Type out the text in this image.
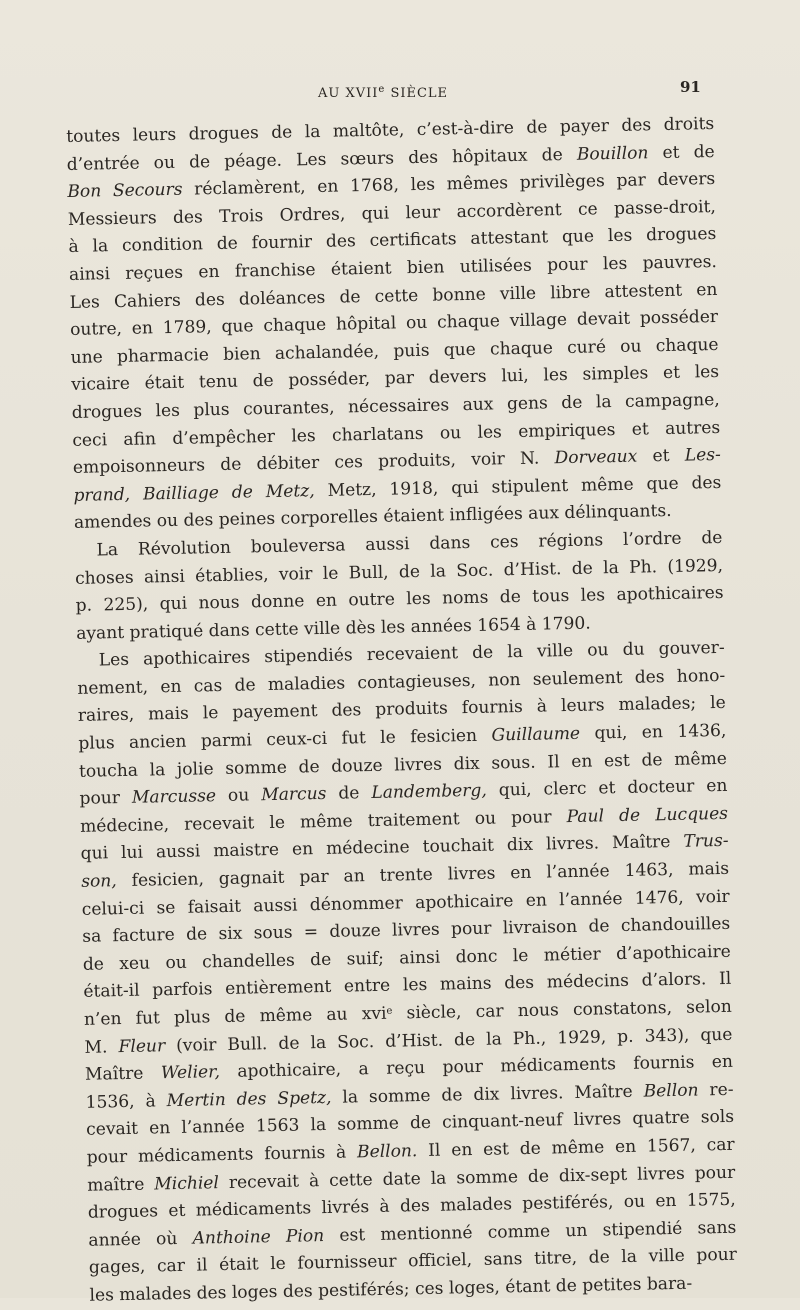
AU XVIIe SIÈCLE	91
toutes leurs drogues de la maltôte, c’est-à-dire de payer des droits
d’entrée ou de péage. Les sœurs des hôpitaux de Bouillon et de
Bon Secours réclamèrent, en 1768, les mêmes privilèges par devers
Messieurs des Trois Ordres, qui leur accordèrent ce passe-droit,
à la condition de fournir des certificats attestant que les drogues
ainsi reçues en franchise étaient bien utilisées pour les pauvres.
Les Cahiers des doléances de cette bonne ville libre attestent en
outre, en 1789, que chaque hôpital ou chaque village devait posséder
une pharmacie bien achalandée, puis que chaque curé ou chaque
vicaire était tenu de posséder, par devers lui, les simples et les
drogues les plus courantes, nécessaires aux gens de la campagne,
ceci afin d’empêcher les charlatans ou les empiriques et autres
empoisonneurs de débiter ces produits, voir N. Dorveaux et Les-
prand, Bailliage de Metz, Metz, 1918, qui stipulent même que des
amendes ou des peines corporelles étaient infligées aux délinquants.
La Révolution bouleversa aussi dans ces régions l’ordre de
choses ainsi établies, voir le Bull, de la Soc. d’Hist. de la Ph. (1929,
p. 225), qui nous donne en outre les noms de tous les apothicaires
ayant pratiqué dans cette ville dès les années 1654 à 1790.
Les apothicaires stipendiés recevaient de la ville ou du gouver-
nement, en cas de maladies contagieuses, non seulement des hono-
raires, mais le payement des produits fournis à leurs malades; le
plus ancien parmi ceux-ci fut le fesicien Guillaume qui, en 1436,
toucha la jolie somme de douze livres dix sous. Il en est de même
pour Marcusse ou Marcus de Landemberg, qui, clerc et docteur en
médecine, recevait le même traitement ou pour Paul de Lucques
qui lui aussi maistre en médecine touchait dix livres. Maître Trus-
son, fesicien, gagnait par an trente livres en l’année 1463, mais
celui-ci se faisait aussi dénommer apothicaire en l’année 1476, voir
sa facture de six sous = douze livres pour livraison de chandouilles
de xeu ou chandelles de suif; ainsi donc le métier d’apothicaire
était-il parfois entièrement entre les mains des médecins d’alors. Il
n’en fut plus de même au xvi$^e$ siècle, car nous constatons, selon
M. Fleur (voir Bull. de la Soc. d’Hist. de la Ph., 1929, p. 343), que
Maître Welier, apothicaire, a reçu pour médicaments fournis en
1536, à Mertin des Spetz, la somme de dix livres. Maître Bellon re-
cevait en l’année 1563 la somme de cinquant-neuf livres quatre sols
pour médicaments fournis à Bellon. Il en est de même en 1567, car
maître Michiel recevait à cette date la somme de dix-sept livres pour
drogues et médicaments livrés à des malades pestiférés, ou en 1575,
année où Anthoine Pion est mentionné comme un stipendié sans
gages, car il était le fournisseur officiel, sans titre, de la ville pour
les malades des loges des pestiférés; ces loges, étant de petites bara-
